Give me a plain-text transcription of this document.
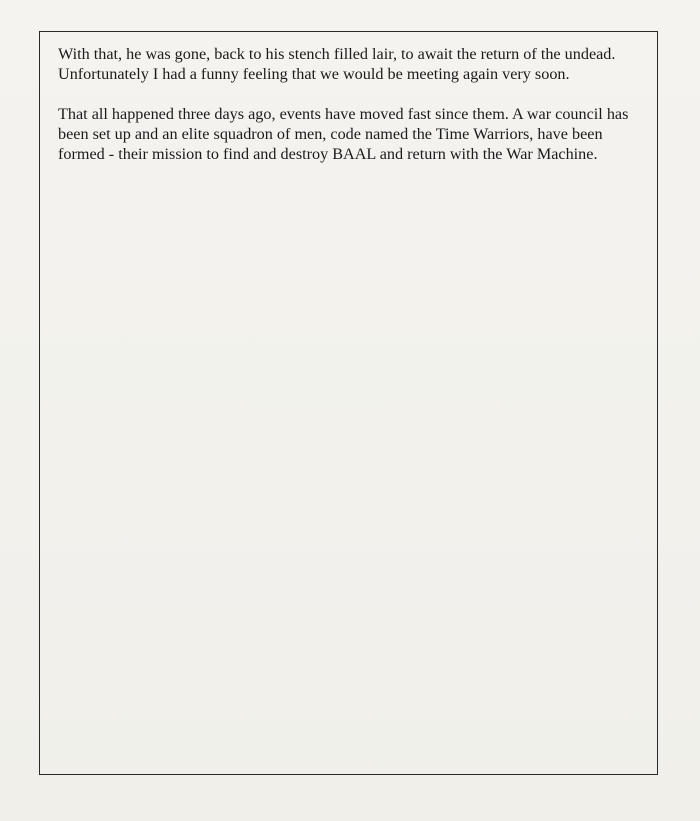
With that, he was gone, back to his stench filled lair, to await the return of the undead. Unfortunately I had a funny feeling that we would be meeting again very soon.

That all happened three days ago, events have moved fast since them. A war council has been set up and an elite squadron of men, code named the Time Warriors, have been formed - their mission to find and destroy BAAL and return with the War Machine.
